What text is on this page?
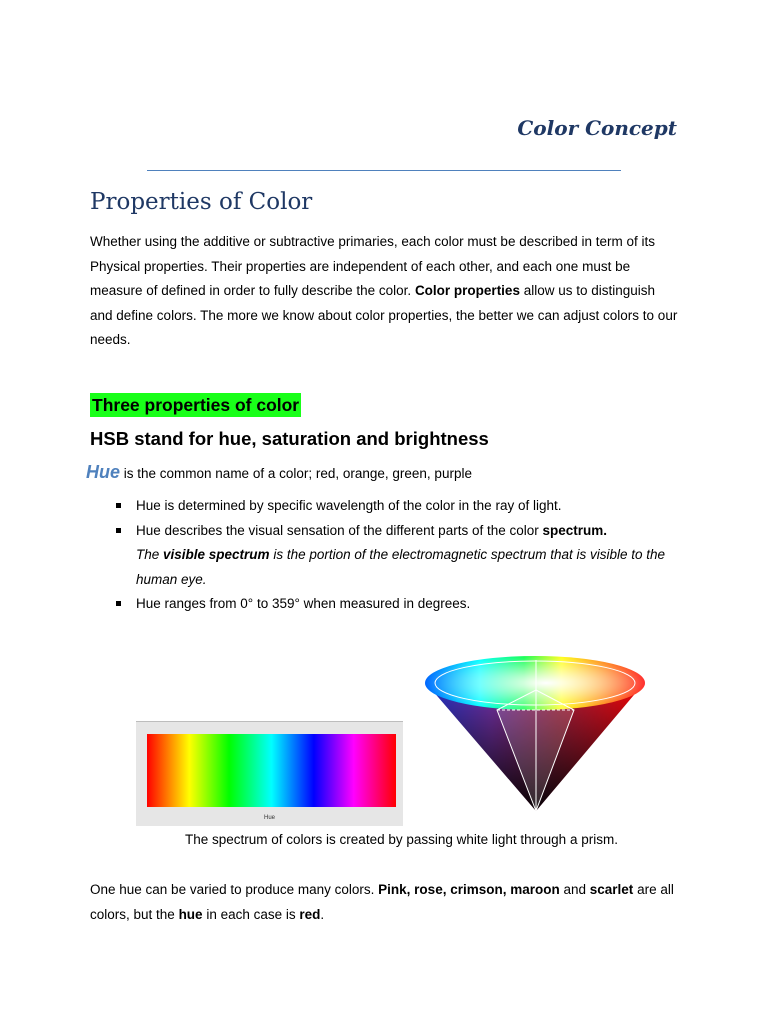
Color Concept
Properties of Color
Whether using the additive or subtractive primaries, each color must be described in term of its Physical properties. Their properties are independent of each other, and each one must be measure of defined in order to fully describe the color. Color properties allow us to distinguish and define colors. The more we know about color properties, the better we can adjust colors to our needs.
Three properties of color
HSB stand for hue, saturation and brightness
Hue is the common name of a color; red, orange, green, purple
Hue is determined by specific wavelength of the color in the ray of light.
Hue describes the visual sensation of the different parts of the color spectrum.
The visible spectrum is the portion of the electromagnetic spectrum that is visible to the human eye.
Hue ranges from 0° to 359° when measured in degrees.
Hue
The spectrum of colors is created by passing white light through a prism.
One hue can be varied to produce many colors. Pink, rose, crimson, maroon and scarlet are all colors, but the hue in each case is red.
